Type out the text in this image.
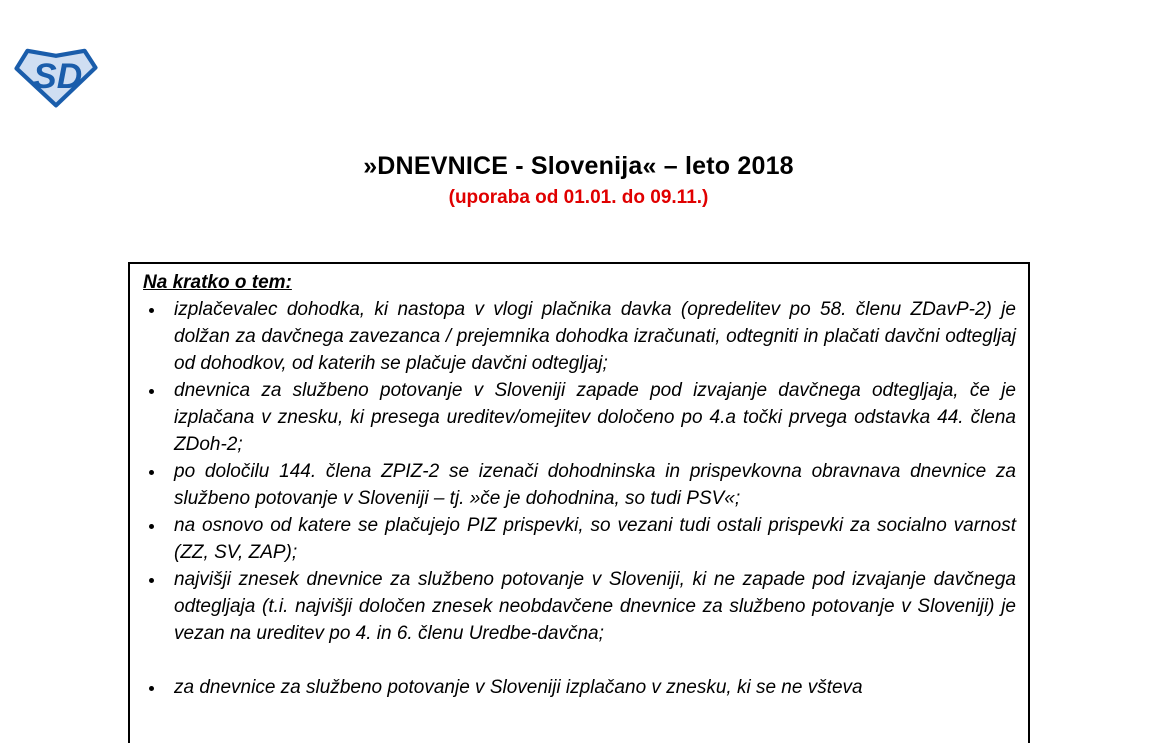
SD
»DNEVNICE - Slovenija« – leto 2018
(uporaba od 01.01. do 09.11.)
Na kratko o tem:
• izplačevalec dohodka, ki nastopa v vlogi plačnika davka (opredelitev po 58. členu ZDavP-2) je dolžan za davčnega zavezanca / prejemnika dohodka izračunati, odtegniti in plačati davčni odtegljaj od dohodkov, od katerih se plačuje davčni odtegljaj;
• dnevnica za službeno potovanje v Sloveniji zapade pod izvajanje davčnega odtegljaja, če je izplačana v znesku, ki presega ureditev/omejitev določeno po 4.a točki prvega odstavka 44. člena ZDoh-2;
• po določilu 144. člena ZPIZ-2 se izenači dohodninska in prispevkovna obravnava dnevnice za službeno potovanje v Sloveniji – tj. »če je dohodnina, so tudi PSV«;
• na osnovo od katere se plačujejo PIZ prispevki, so vezani tudi ostali prispevki za socialno varnost (ZZ, SV, ZAP);
• najvišji znesek dnevnice za službeno potovanje v Sloveniji, ki ne zapade pod izvajanje davčnega odtegljaja (t.i. najvišji določen znesek neobdavčene dnevnice za službeno potovanje v Sloveniji) je vezan na ureditev po 4. in 6. členu Uredbe-davčna;
• za dnevnice za službeno potovanje v Sloveniji izplačano v znesku, ki se ne všteva
